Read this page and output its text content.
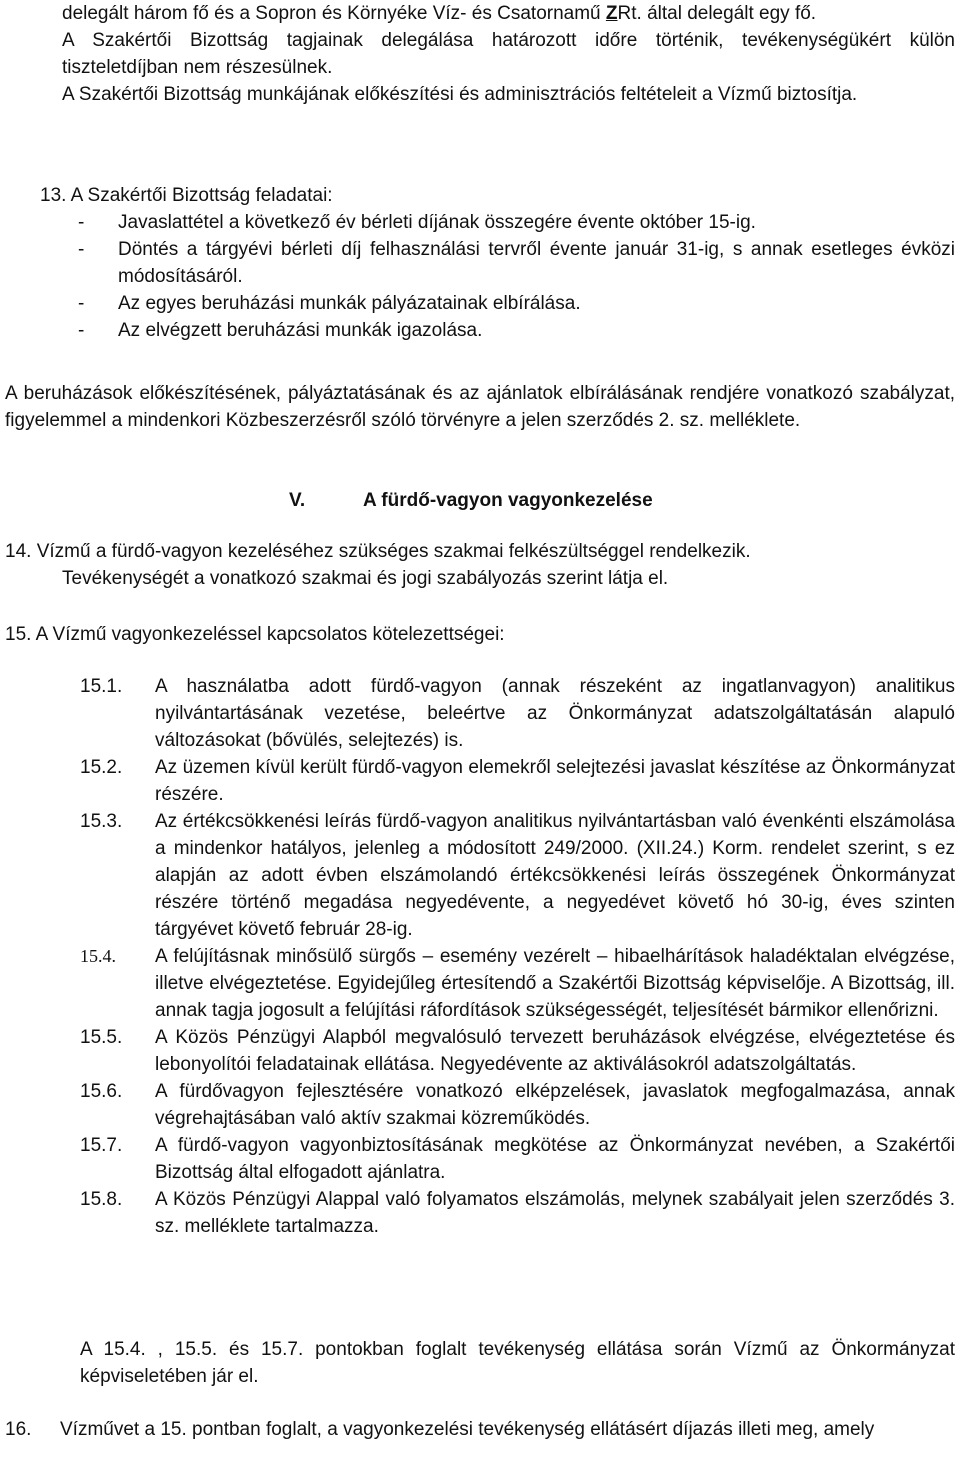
delegált három fő és a Sopron és Környéke Víz- és Csatornamű ZRt. által delegált egy fő.

A Szakértői Bizottság tagjainak delegálása határozott időre történik, tevékenységükért külön tiszteletdíjban nem részesülnek.

A Szakértői Bizottság munkájának előkészítési és adminisztrációs feltételeit a Vízmű biztosítja.

13. A Szakértői Bizottság feladatai:

- Javaslattétel a következő év bérleti díjának összegére évente október 15-ig.
- Döntés a tárgyévi bérleti díj felhasználási tervről évente január 31-ig, s annak esetleges évközi módosításáról.
- Az egyes beruházási munkák pályázatainak elbírálása.
- Az elvégzett beruházási munkák igazolása.

A beruházások előkészítésének, pályáztatásának és az ajánlatok elbírálásának rendjére vonatkozó szabályzat, figyelemmel a mindenkori Közbeszerzésről szóló törvényre a jelen szerződés 2. sz. melléklete.

V.	A fürdő-vagyon vagyonkezelése

14. Vízmű a fürdő-vagyon kezeléséhez szükséges szakmai felkészültséggel rendelkezik.

Tevékenységét a vonatkozó szakmai és jogi szabályozás szerint látja el.

15. A Vízmű vagyonkezeléssel kapcsolatos kötelezettségei:

15.1. A használatba adott fürdő-vagyon (annak részeként az ingatlanvagyon) analitikus nyilvántartásának vezetése, beleértve az Önkormányzat adatszolgáltatásán alapuló változásokat (bővülés, selejtezés) is.
15.2. Az üzemen kívül került fürdő-vagyon elemekről selejtezési javaslat készítése az Önkormányzat részére.
15.3. Az értékcsökkenési leírás fürdő-vagyon analitikus nyilvántartásban való évenkénti elszámolása a mindenkor hatályos, jelenleg a módosított 249/2000. (XII.24.) Korm. rendelet szerint, s ez alapján az adott évben elszámolandó értékcsökkenési leírás összegének Önkormányzat részére történő megadása negyedévente, a negyedévet követő hó 30-ig, éves szinten tárgyévet követő február 28-ig.
15.4. A felújításnak minősülő sürgős – esemény vezérelt – hibaelhárítások haladéktalan elvégzése, illetve elvégeztetése. Egyidejűleg értesítendő a Szakértői Bizottság képviselője. A Bizottság, ill. annak tagja jogosult a felújítási ráfordítások szükségességét, teljesítését bármikor ellenőrizni.
15.5. A Közös Pénzügyi Alapból megvalósuló tervezett beruházások elvégzése, elvégeztetése és lebonyolítói feladatainak ellátása. Negyedévente az aktiválásokról adatszolgáltatás.
15.6. A fürdővagyon fejlesztésére vonatkozó elképzelések, javaslatok megfogalmazása, annak végrehajtásában való aktív szakmai közreműködés.
15.7. A fürdő-vagyon vagyonbiztosításának megkötése az Önkormányzat nevében, a Szakértői Bizottság által elfogadott ajánlatra.
15.8. A Közös Pénzügyi Alappal való folyamatos elszámolás, melynek szabályait jelen szerződés 3. sz. melléklete tartalmazza.

A 15.4. , 15.5. és 15.7. pontokban foglalt tevékenység ellátása során Vízmű az Önkormányzat képviseletében jár el.

16. Vízművet a 15. pontban foglalt, a vagyonkezelési tevékenység ellátásért díjazás illeti meg, amely
